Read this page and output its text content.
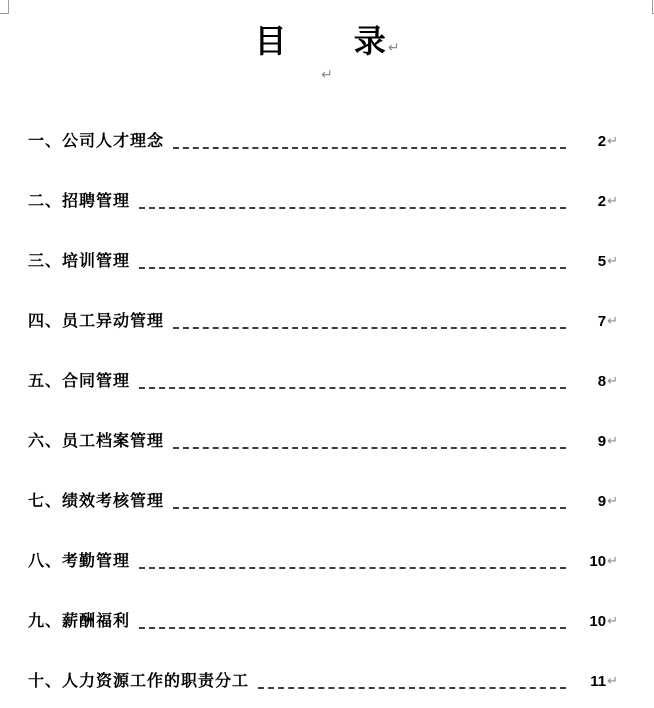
目      录↵
↵
一、公司人才理念	2 ↵
二、招聘管理	2 ↵
三、培训管理	5 ↵
四、员工异动管理	7 ↵
五、合同管理	8 ↵
六、员工档案管理	9 ↵
七、绩效考核管理	9 ↵
八、考勤管理	10 ↵
九、薪酬福利	10 ↵
十、人力资源工作的职责分工	11 ↵
